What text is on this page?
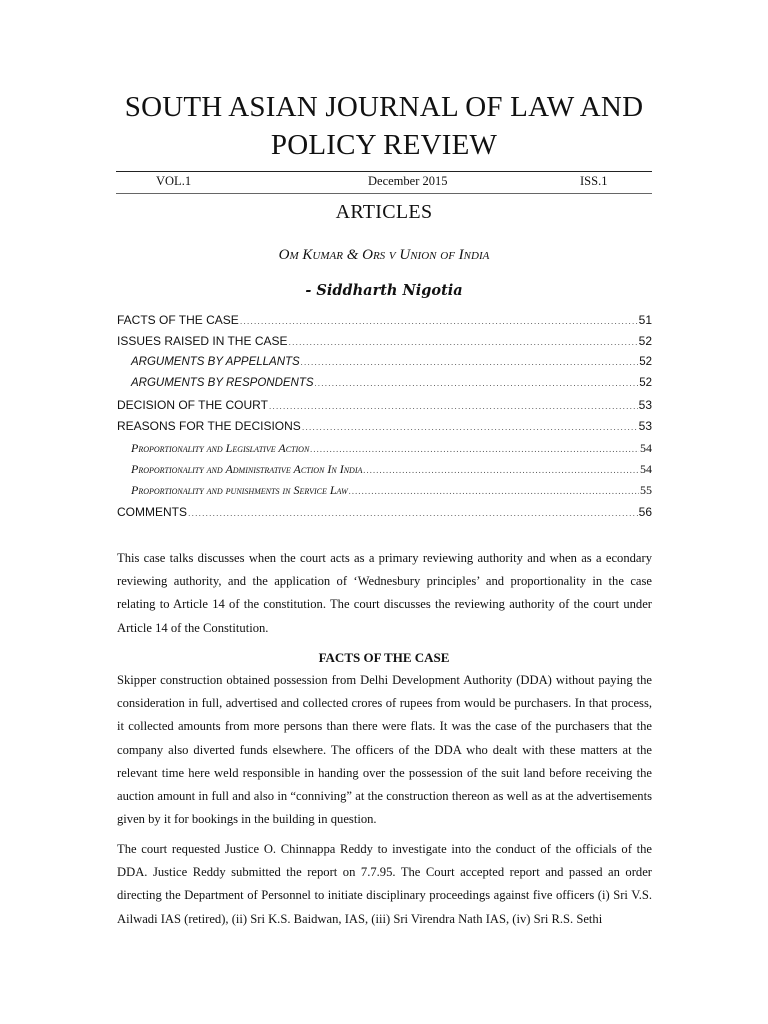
SOUTH ASIAN JOURNAL OF LAW AND POLICY REVIEW
VOL.1	December 2015	ISS.1
ARTICLES
Om Kumar & Ors v Union of India
- Siddharth Nigotia
FACTS OF THE CASE .....	51
ISSUES RAISED IN THE CASE .....	52
ARGUMENTS BY APPELLANTS .....	52
ARGUMENTS BY RESPONDENTS .....	52
DECISION OF THE COURT .....	53
REASONS FOR THE DECISIONS .....	53
Proportionality and Legislative Action .....	54
Proportionality and Administrative Action In India .....	54
Proportionality and punishments in Service Law .....	55
COMMENTS .....	56

This case talks discusses when the court acts as a primary reviewing authority and when as a econdary reviewing authority, and the application of ‘Wednesbury principles’ and proportionality in the case relating to Article 14 of the constitution. The court discusses the reviewing authority of the court under Article 14 of the Constitution.

FACTS OF THE CASE

Skipper construction obtained possession from Delhi Development Authority (DDA) without paying the consideration in full, advertised and collected crores of rupees from would be purchasers. In that process, it collected amounts from more persons than there were flats. It was the case of the purchasers that the company also diverted funds elsewhere. The officers of the DDA who dealt with these matters at the relevant time here weld responsible in handing over the possession of the suit land before receiving the auction amount in full and also in “conniving” at the construction thereon as well as at the advertisements given by it for bookings in the building in question.

The court requested Justice O. Chinnappa Reddy to investigate into the conduct of the officials of the DDA. Justice Reddy submitted the report on 7.7.95. The Court accepted report and passed an order directing the Department of Personnel to initiate disciplinary proceedings against five officers (i) Sri V.S. Ailwadi IAS (retired), (ii) Sri K.S. Baidwan, IAS, (iii) Sri Virendra Nath IAS, (iv) Sri R.S. Sethi
